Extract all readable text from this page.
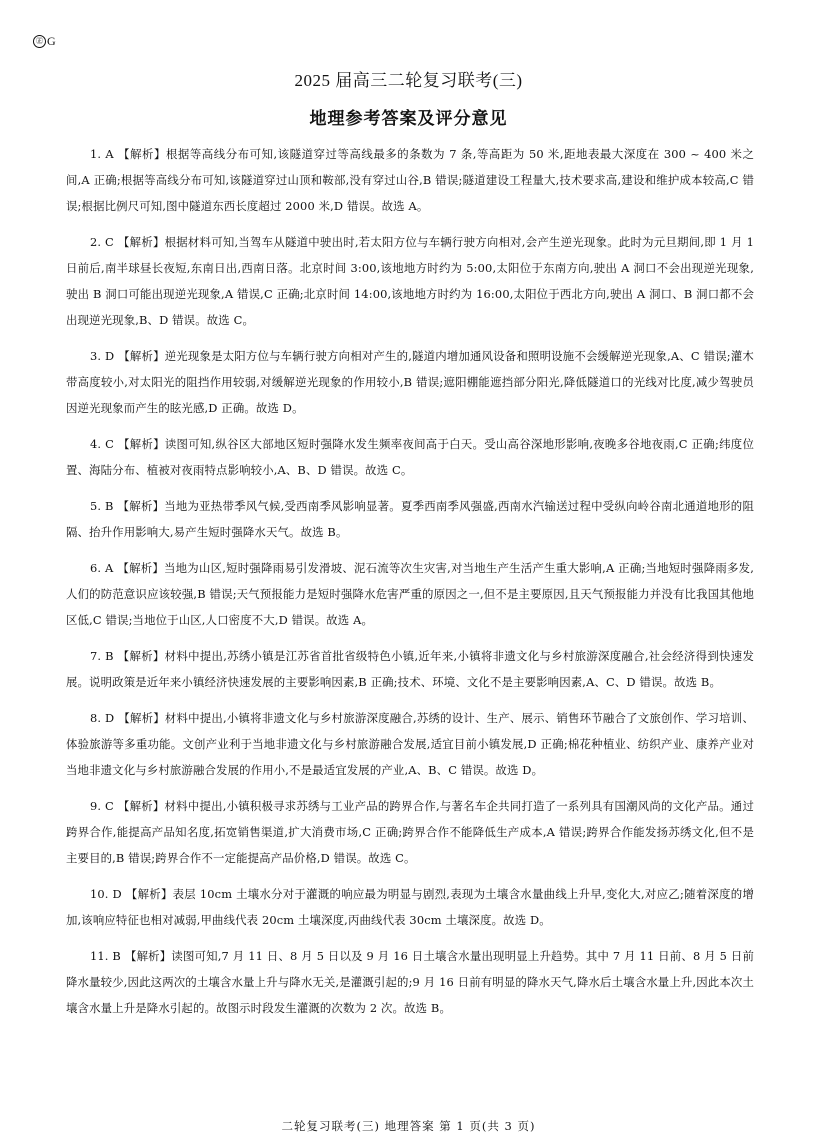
㊣ G
2025 届高三二轮复习联考(三)
地理参考答案及评分意见

1. A 【解析】根据等高线分布可知,该隧道穿过等高线最多的条数为 7 条,等高距为 50 米,距地表最大深度在 300 ~ 400 米之间,A 正确;根据等高线分布可知,该隧道穿过山顶和鞍部,没有穿过山谷,B 错误;隧道建设工程量大,技术要求高,建设和维护成本较高,C 错误;根据比例尺可知,图中隧道东西长度超过 2000 米,D 错误。故选 A。

2. C 【解析】根据材料可知,当驾车从隧道中驶出时,若太阳方位与车辆行驶方向相对,会产生逆光现象。此时为元旦期间,即 1 月 1 日前后,南半球昼长夜短,东南日出,西南日落。北京时间 3:00,该地地方时约为 5:00,太阳位于东南方向,驶出 A 洞口不会出现逆光现象,驶出 B 洞口可能出现逆光现象,A 错误,C 正确;北京时间 14:00,该地地方时约为 16:00,太阳位于西北方向,驶出 A 洞口、B 洞口都不会出现逆光现象,B、D 错误。故选 C。

3. D 【解析】逆光现象是太阳方位与车辆行驶方向相对产生的,隧道内增加通风设备和照明设施不会缓解逆光现象,A、C 错误;灌木带高度较小,对太阳光的阻挡作用较弱,对缓解逆光现象的作用较小,B 错误;遮阳棚能遮挡部分阳光,降低隧道口的光线对比度,减少驾驶员因逆光现象而产生的眩光感,D 正确。故选 D。

4. C 【解析】读图可知,纵谷区大部地区短时强降水发生频率夜间高于白天。受山高谷深地形影响,夜晚多谷地夜雨,C 正确;纬度位置、海陆分布、植被对夜雨特点影响较小,A、B、D 错误。故选 C。

5. B 【解析】当地为亚热带季风气候,受西南季风影响显著。夏季西南季风强盛,西南水汽输送过程中受纵向岭谷南北通道地形的阻隔、抬升作用影响大,易产生短时强降水天气。故选 B。

6. A 【解析】当地为山区,短时强降雨易引发滑坡、泥石流等次生灾害,对当地生产生活产生重大影响,A 正确;当地短时强降雨多发,人们的防范意识应该较强,B 错误;天气预报能力是短时强降水危害严重的原因之一,但不是主要原因,且天气预报能力并没有比我国其他地区低,C 错误;当地位于山区,人口密度不大,D 错误。故选 A。

7. B 【解析】材料中提出,苏绣小镇是江苏省首批省级特色小镇,近年来,小镇将非遗文化与乡村旅游深度融合,社会经济得到快速发展。说明政策是近年来小镇经济快速发展的主要影响因素,B 正确;技术、环境、文化不是主要影响因素,A、C、D 错误。故选 B。

8. D 【解析】材料中提出,小镇将非遗文化与乡村旅游深度融合,苏绣的设计、生产、展示、销售环节融合了文旅创作、学习培训、体验旅游等多重功能。文创产业利于当地非遗文化与乡村旅游融合发展,适宜目前小镇发展,D 正确;棉花种植业、纺织产业、康养产业对当地非遗文化与乡村旅游融合发展的作用小,不是最适宜发展的产业,A、B、C 错误。故选 D。

9. C 【解析】材料中提出,小镇积极寻求苏绣与工业产品的跨界合作,与著名车企共同打造了一系列具有国潮风尚的文化产品。通过跨界合作,能提高产品知名度,拓宽销售渠道,扩大消费市场,C 正确;跨界合作不能降低生产成本,A 错误;跨界合作能发扬苏绣文化,但不是主要目的,B 错误;跨界合作不一定能提高产品价格,D 错误。故选 C。

10. D 【解析】表层 10cm 土壤水分对于灌溉的响应最为明显与剧烈,表现为土壤含水量曲线上升早,变化大,对应乙;随着深度的增加,该响应特征也相对减弱,甲曲线代表 20cm 土壤深度,丙曲线代表 30cm 土壤深度。故选 D。

11. B 【解析】读图可知,7 月 11 日、8 月 5 日以及 9 月 16 日土壤含水量出现明显上升趋势。其中 7 月 11 日前、8 月 5 日前降水量较少,因此这两次的土壤含水量上升与降水无关,是灌溉引起的;9 月 16 日前有明显的降水天气,降水后土壤含水量上升,因此本次土壤含水量上升是降水引起的。故图示时段发生灌溉的次数为 2 次。故选 B。

二轮复习联考(三) 地理答案 第 1 页(共 3 页)
